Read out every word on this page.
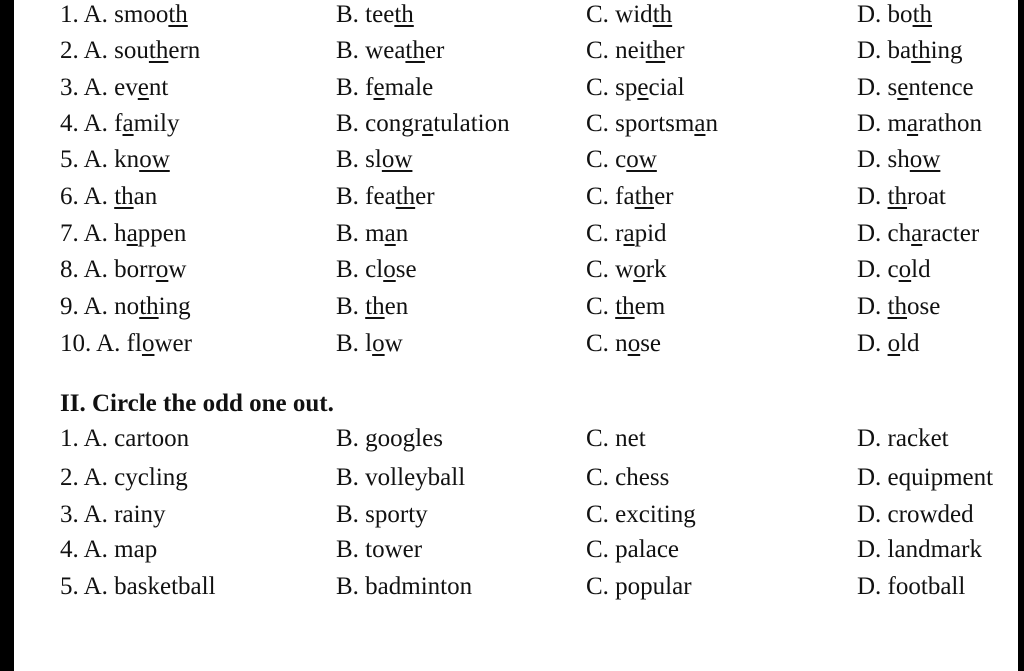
1. A. smooth	B. teeth	C. width	D. both
2. A. southern	B. weather	C. neither	D. bathing
3. A. event	B. female	C. special	D. sentence
4. A. family	B. congratulation	C. sportsman	D. marathon
5. A. know	B. slow	C. cow	D. show
6. A. than	B. feather	C. father	D. throat
7. A. happen	B. man	C. rapid	D. character
8. A. borrow	B. close	C. work	D. cold
9. A. nothing	B. then	C. them	D. those
10. A. flower	B. low	C. nose	D. old
II. Circle the odd one out.
1. A. cartoon	B. googles	C. net	D. racket
2. A. cycling	B. volleyball	C. chess	D. equipment
3. A. rainy	B. sporty	C. exciting	D. crowded
4. A. map	B. tower	C. palace	D. landmark
5. A. basketball	B. badminton	C. popular	D. football
